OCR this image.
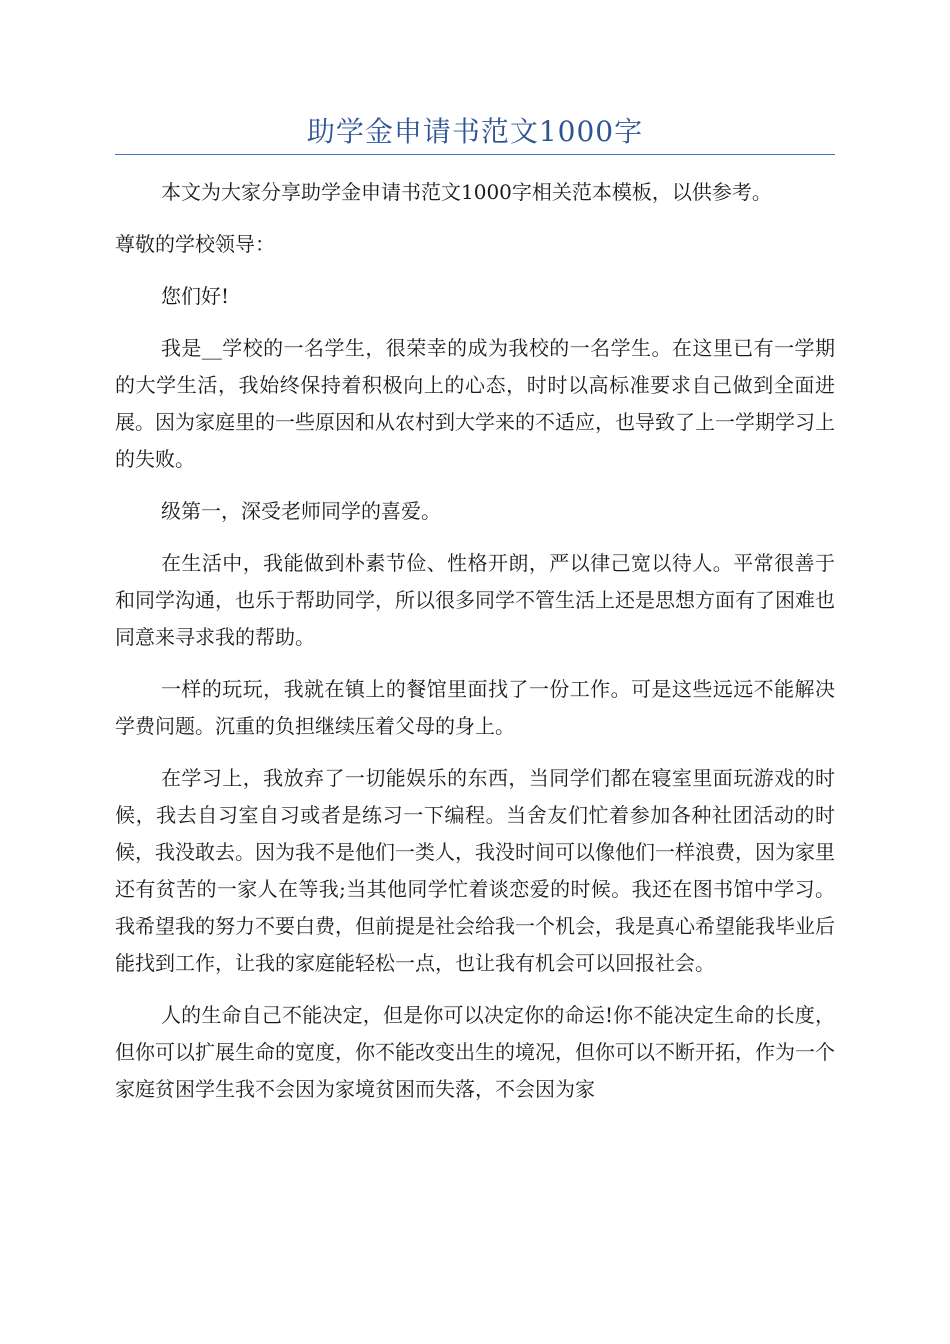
助学金申请书范文1000字

本文为大家分享助学金申请书范文1000字相关范本模板，以供参考。

尊敬的学校领导：

您们好!

我是__学校的一名学生，很荣幸的成为我校的一名学生。在这里已有一学期的大学生活，我始终保持着积极向上的心态，时时以高标准要求自己做到全面进展。因为家庭里的一些原因和从农村到大学来的不适应，也导致了上一学期学习上的失败。

级第一，深受老师同学的喜爱。

在生活中，我能做到朴素节俭、性格开朗，严以律己宽以待人。平常很善于和同学沟通，也乐于帮助同学，所以很多同学不管生活上还是思想方面有了困难也同意来寻求我的帮助。

一样的玩玩，我就在镇上的餐馆里面找了一份工作。可是这些远远不能解决学费问题。沉重的负担继续压着父母的身上。

在学习上，我放弃了一切能娱乐的东西，当同学们都在寝室里面玩游戏的时候，我去自习室自习或者是练习一下编程。当舍友们忙着参加各种社团活动的时候，我没敢去。因为我不是他们一类人，我没时间可以像他们一样浪费，因为家里还有贫苦的一家人在等我;当其他同学忙着谈恋爱的时候。我还在图书馆中学习。我希望我的努力不要白费，但前提是社会给我一个机会，我是真心希望能我毕业后能找到工作，让我的家庭能轻松一点，也让我有机会可以回报社会。

人的生命自己不能决定，但是你可以决定你的命运!你不能决定生命的长度，但你可以扩展生命的宽度，你不能改变出生的境况，但你可以不断开拓，作为一个家庭贫困学生我不会因为家境贫困而失落，不会因为家
